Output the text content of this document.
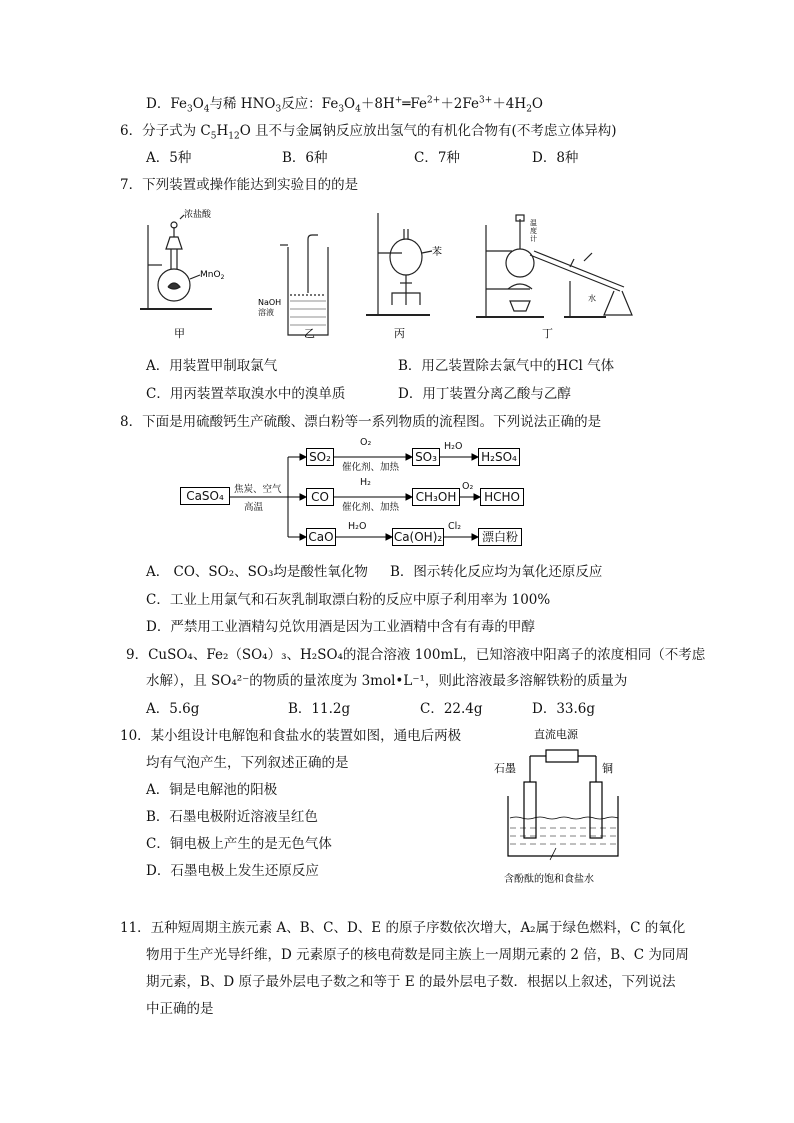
D．$Fe_3O_4$与稀 $HNO_3$反应：$Fe_3O_4+8H^+═Fe^{2+}+2Fe^{3+}+4H_2O$
6．分子式为 $C_5H_{12}O$ 且不与金属钠反应放出氢气的有机化合物有(不考虑立体异构)
A．5种	B．6种	C．7种	D．8种
7．下列装置或操作能达到实验目的的是
浓盐酸
MnO$_2$
NaOH
溶液
苯
温
度
计
水
甲	乙	丙	丁
A．用装置甲制取氯气	B．用乙装置除去氯气中的HCl 气体
C．用丙装置萃取溴水中的溴单质	D．用丁装置分离乙酸与乙醇
8．下面是用硫酸钙生产硫酸、漂白粉等一系列物质的流程图。下列说法正确的是
CaSO₄	焦炭、空气
高温
SO₂
O₂
催化剂、加热
SO₃
H₂O
H₂SO₄
CO
H₂
催化剂、加热
CH₃OH
O₂
HCHO
CaO
H₂O
Ca(OH)₂
Cl₂
漂白粉
A． CO、SO₂、SO₃均是酸性氧化物 B．图示转化反应均为氧化还原反应
C．工业上用氯气和石灰乳制取漂白粉的反应中原子利用率为 100%
D．严禁用工业酒精勾兑饮用酒是因为工业酒精中含有有毒的甲醇
9．CuSO₄、Fe₂（SO₄）₃、H₂SO₄的混合溶液 100mL，已知溶液中阳离子的浓度相同（不考虑
水解），且 SO₄²⁻的物质的量浓度为 3mol•L⁻¹，则此溶液最多溶解铁粉的质量为
A．5.6g	B．11.2g	C．22.4g	D．33.6g
10．某小组设计电解饱和食盐水的装置如图，通电后两极
均有气泡产生，下列叙述正确的是
A．铜是电解池的阳极
B．石墨电极附近溶液呈红色
C．铜电极上产生的是无色气体
D．石墨电极上发生还原反应
直流电源
石墨	铜
含酚酞的饱和食盐水
11．五种短周期主族元素 A、B、C、D、E 的原子序数依次增大，A₂属于绿色燃料，C 的氧化
物用于生产光导纤维，D 元素原子的核电荷数是同主族上一周期元素的 2 倍，B、C 为同周
期元素，B、D 原子最外层电子数之和等于 E 的最外层电子数．根据以上叙述，下列说法
中正确的是
